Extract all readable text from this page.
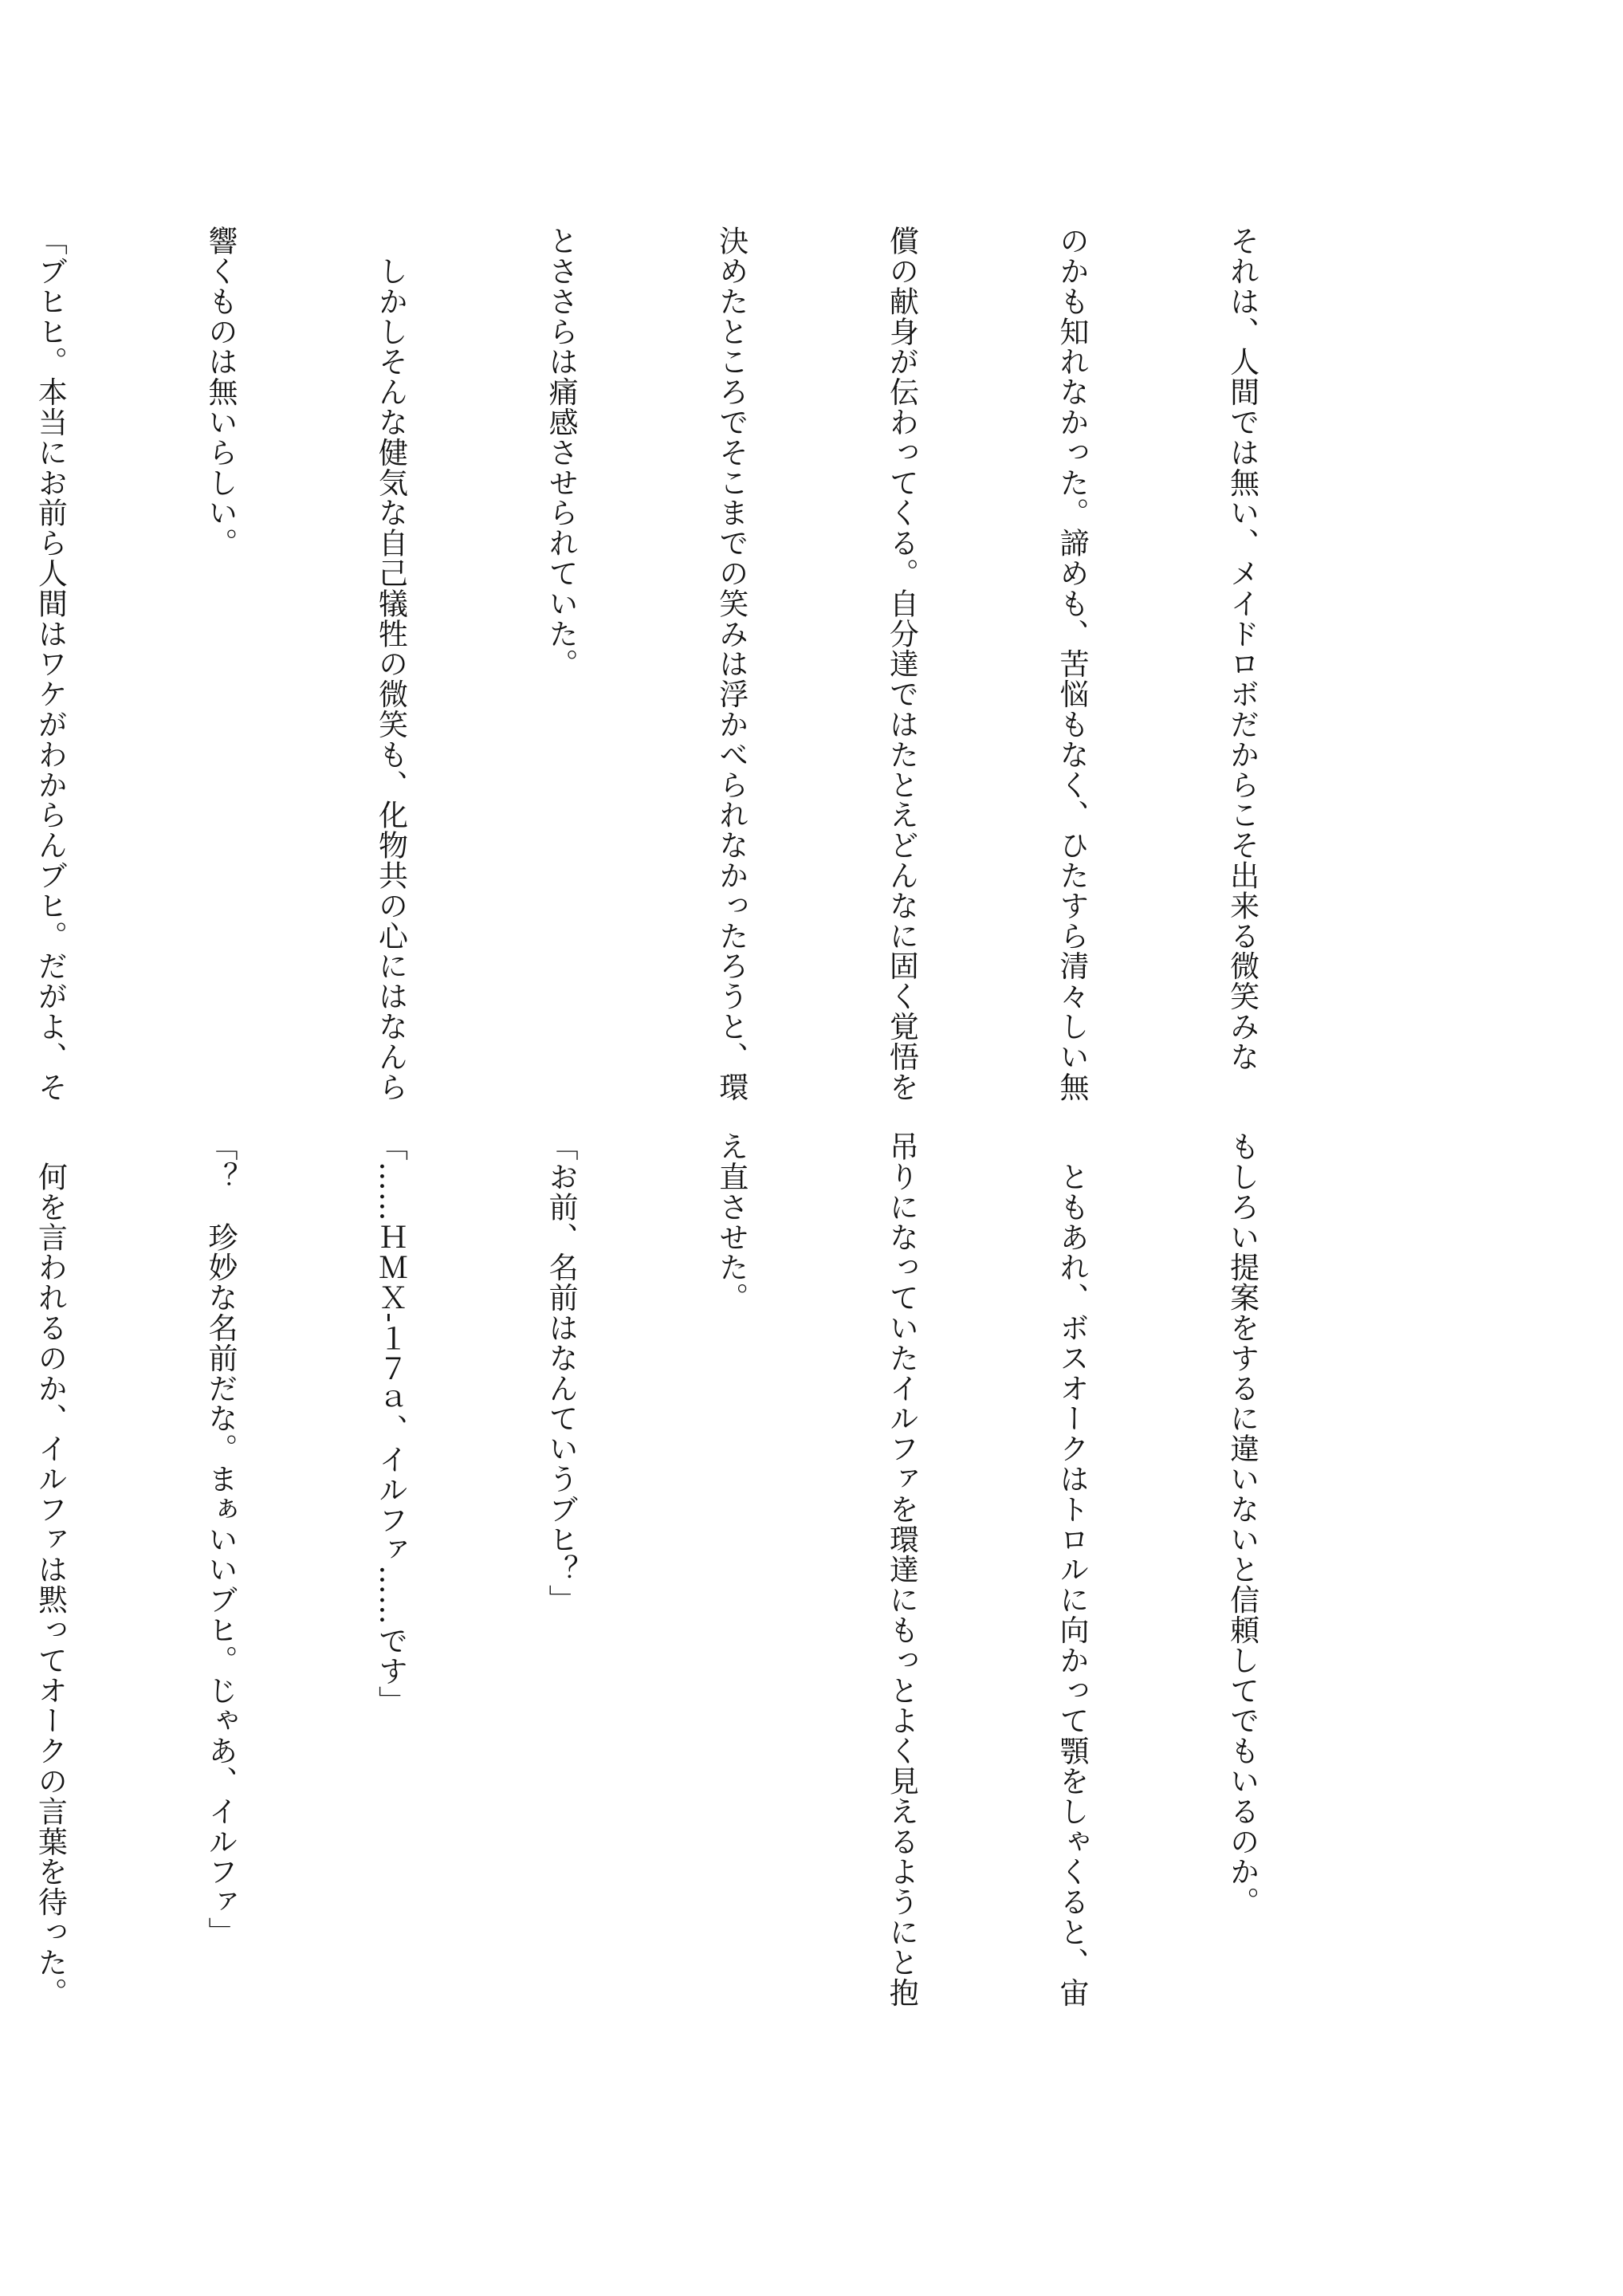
それは、人間では無い、メイドロボだからこそ出来る微笑みな

のかも知れなかった。諦めも、苦悩もなく、ひたすら清々しい無

償の献身が伝わってくる。自分達ではたとえどんなに固く覚悟を

決めたところでそこまでの笑みは浮かべられなかったろうと、環

とささらは痛感させられていた。

　しかしそんな健気な自己犠牲の微笑も、化物共の心にはなんら

響くものは無いらしい。

「ブヒヒ。本当にお前ら人間はワケがわからんブヒ。だがよ、そ

もしろい提案をするに違いないと信頼してでもいるのか。

　ともあれ、ボスオークはトロルに向かって顎をしゃくると、宙

吊りになっていたイルファを環達にもっとよく見えるようにと抱

え直させた。

「お前、名前はなんていうブヒ？」

「……ＨＭＸ-１７ａ、イルファ……です」

「？　珍妙な名前だな。まぁいいブヒ。じゃあ、イルファ」

　何を言われるのか、イルファは黙ってオークの言葉を待った。
